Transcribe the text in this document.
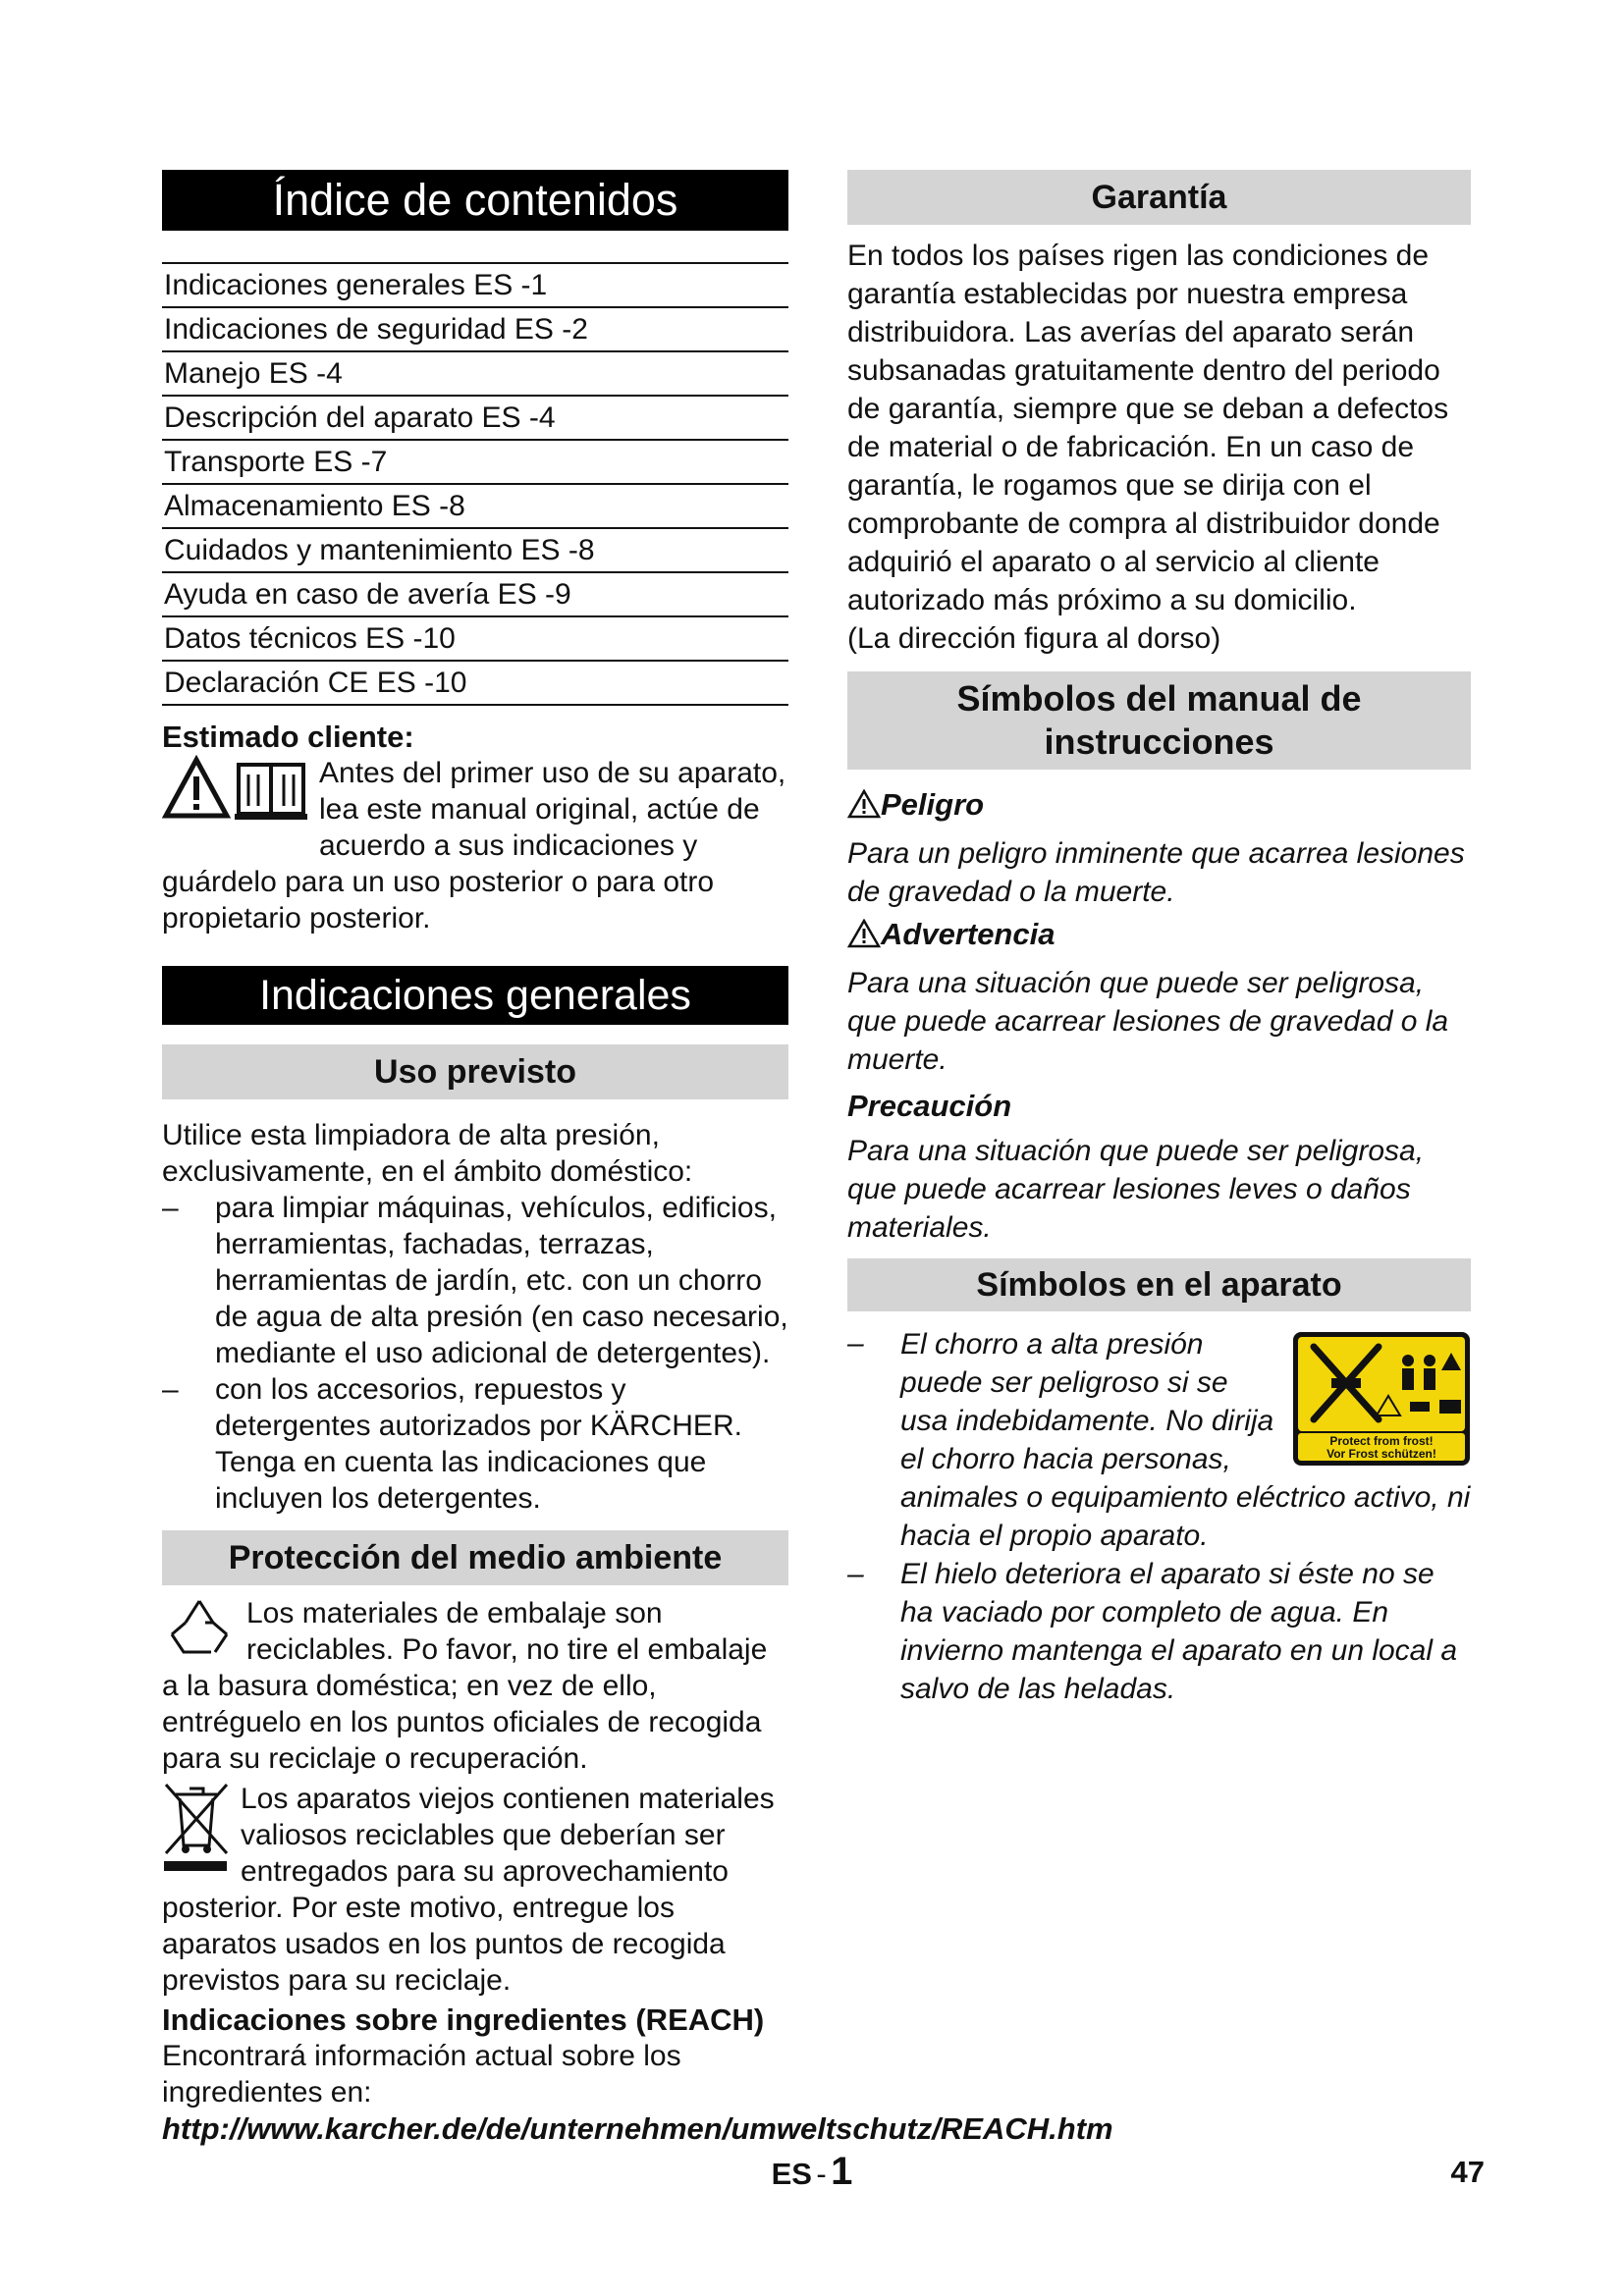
Índice de contenidos
Indicaciones generales ES -1
Indicaciones de seguridad ES -2
Manejo ES -4
Descripción del aparato ES -4
Transporte ES -7
Almacenamiento ES -8
Cuidados y mantenimiento ES -8
Ayuda en caso de avería ES -9
Datos técnicos ES -10
Declaración CE ES -10
Estimado cliente:
Antes del primer uso de su aparato, lea este manual original, actúe de acuerdo a sus indicaciones y guárdelo para un uso posterior o para otro propietario posterior.
Indicaciones generales
Uso previsto

Utilice esta limpiadora de alta presión, exclusivamente, en el ámbito doméstico:

– para limpiar máquinas, vehículos, edificios, herramientas, fachadas, terrazas, herramientas de jardín, etc. con un chorro de agua de alta presión (en caso necesario, mediante el uso adicional de detergentes).
– con los accesorios, repuestos y detergentes autorizados por KÄRCHER. Tenga en cuenta las indicaciones que incluyen los detergentes.
Protección del medio ambiente
Los materiales de embalaje son reciclables. Po favor, no tire el embalaje a la basura doméstica; en vez de ello, entréguelo en los puntos oficiales de recogida para su reciclaje o recuperación.
Los aparatos viejos contienen materiales valiosos reciclables que deberían ser entregados para su aprovechamiento posterior. Por este motivo, entregue los aparatos usados en los puntos de recogida previstos para su reciclaje.
Indicaciones sobre ingredientes (REACH)

Encontrará información actual sobre los ingredientes en:

http://www.karcher.de/de/unternehmen/umweltschutz/REACH.htm
Garantía

En todos los países rigen las condiciones de garantía establecidas por nuestra empresa distribuidora. Las averías del aparato serán subsanadas gratuitamente dentro del periodo de garantía, siempre que se deban a defectos de material o de fabricación. En un caso de garantía, le rogamos que se dirija con el comprobante de compra al distribuidor donde adquirió el aparato o al servicio al cliente autorizado más próximo a su domicilio.

(La dirección figura al dorso)

Símbolos del manual de instrucciones
Peligro

Para un peligro inminente que acarrea lesiones de gravedad o la muerte.

Advertencia

Para una situación que puede ser peligrosa, que puede acarrear lesiones de gravedad o la muerte.

Precaución

Para una situación que puede ser peligrosa, que puede acarrear lesiones leves o daños materiales.

Símbolos en el aparato
Protect from frost!
Vor Frost schützen!
– El chorro a alta presión puede ser peligroso si se usa indebidamente. No dirija el chorro hacia personas, animales o equipamiento eléctrico activo, ni hacia el propio aparato.
– El hielo deteriora el aparato si éste no se ha vaciado por completo de agua. En invierno mantenga el aparato en un local a salvo de las heladas.
ES - 1	47
